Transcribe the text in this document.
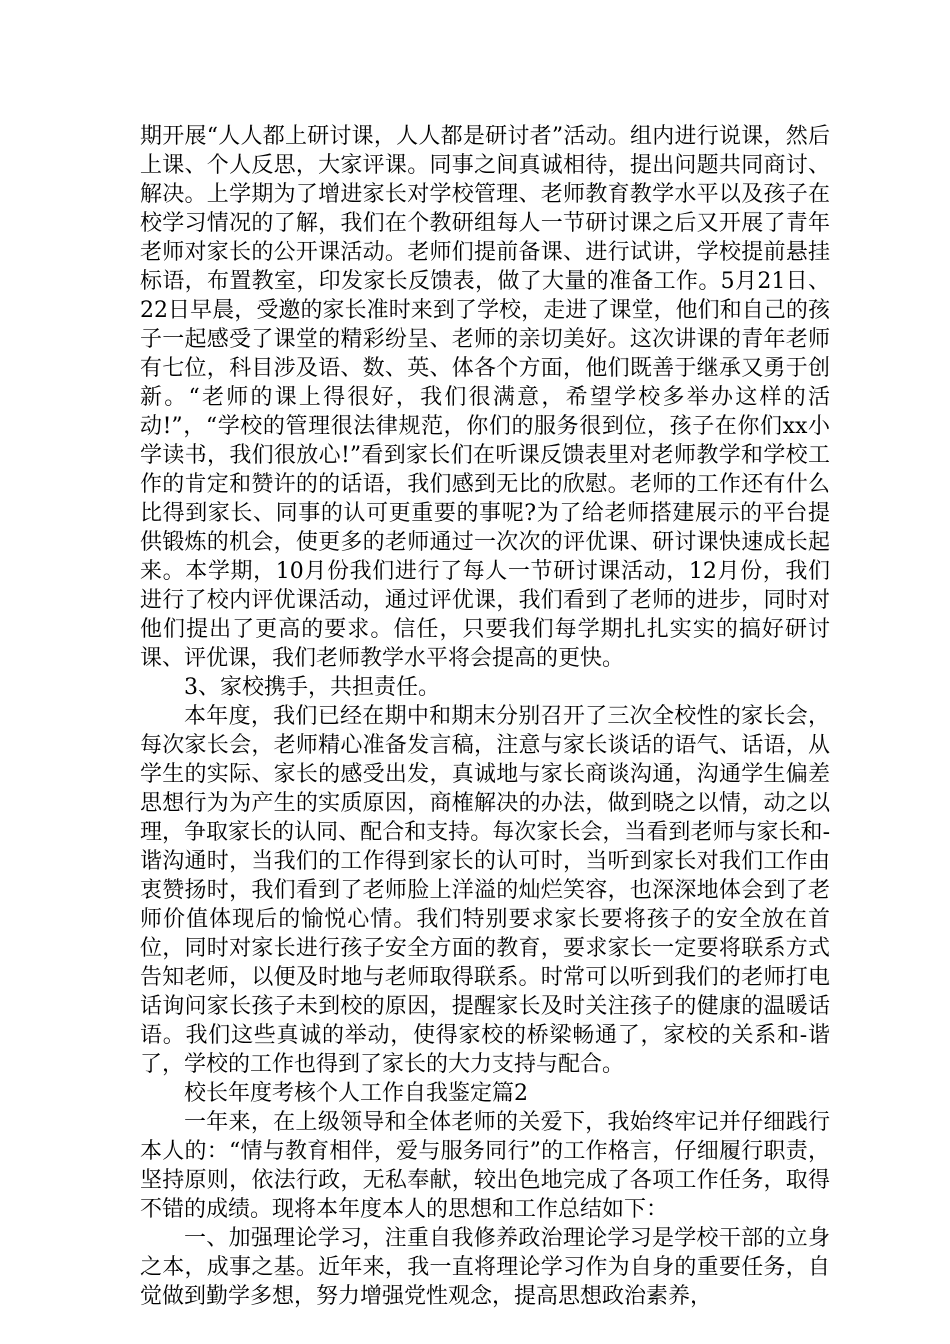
期开展“人人都上研讨课，人人都是研讨者”活动。组内进行说课，然后上课、个人反思，大家评课。同事之间真诚相待，提出问题共同商讨、解决。上学期为了增进家长对学校管理、老师教育教学水平以及孩子在校学习情况的了解，我们在个教研组每人一节研讨课之后又开展了青年老师对家长的公开课活动。老师们提前备课、进行试讲，学校提前悬挂标语，布置教室，印发家长反馈表，做了大量的准备工作。5月21日、22日早晨，受邀的家长准时来到了学校，走进了课堂，他们和自己的孩子一起感受了课堂的精彩纷呈、老师的亲切美好。这次讲课的青年老师有七位，科目涉及语、数、英、体各个方面，他们既善于继承又勇于创新。“老师的课上得很好，我们很满意，希望学校多举办这样的活动!”，“学校的管理很法律规范，你们的服务很到位，孩子在你们xx小学读书，我们很放心!”看到家长们在听课反馈表里对老师教学和学校工作的肯定和赞许的的话语，我们感到无比的欣慰。老师的工作还有什么比得到家长、同事的认可更重要的事呢?为了给老师搭建展示的平台提供锻炼的机会，使更多的老师通过一次次的评优课、研讨课快速成长起来。本学期，10月份我们进行了每人一节研讨课活动，12月份，我们进行了校内评优课活动，通过评优课，我们看到了老师的进步，同时对他们提出了更高的要求。信任，只要我们每学期扎扎实实的搞好研讨课、评优课，我们老师教学水平将会提高的更快。

3、家校携手，共担责任。

本年度，我们已经在期中和期末分别召开了三次全校性的家长会，每次家长会，老师精心准备发言稿，注意与家长谈话的语气、话语，从学生的实际、家长的感受出发，真诚地与家长商谈沟通，沟通学生偏差思想行为为产生的实质原因，商榷解决的办法，做到晓之以情，动之以理，争取家长的认同、配合和支持。每次家长会，当看到老师与家长和-谐沟通时，当我们的工作得到家长的认可时，当听到家长对我们工作由衷赞扬时，我们看到了老师脸上洋溢的灿烂笑容，也深深地体会到了老师价值体现后的愉悦心情。我们特别要求家长要将孩子的安全放在首位，同时对家长进行孩子安全方面的教育，要求家长一定要将联系方式告知老师，以便及时地与老师取得联系。时常可以听到我们的老师打电话询问家长孩子未到校的原因，提醒家长及时关注孩子的健康的温暖话语。我们这些真诚的举动，使得家校的桥梁畅通了，家校的关系和-谐了，学校的工作也得到了家长的大力支持与配合。

校长年度考核个人工作自我鉴定篇2

一年来，在上级领导和全体老师的关爱下，我始终牢记并仔细践行本人的：“情与教育相伴，爱与服务同行”的工作格言，仔细履行职责，坚持原则，依法行政，无私奉献，较出色地完成了各项工作任务，取得不错的成绩。现将本年度本人的思想和工作总结如下：

一、加强理论学习，注重自我修养政治理论学习是学校干部的立身之本，成事之基。近年来，我一直将理论学习作为自身的重要任务，自觉做到勤学多想，努力增强党性观念，提高思想政治素养，
